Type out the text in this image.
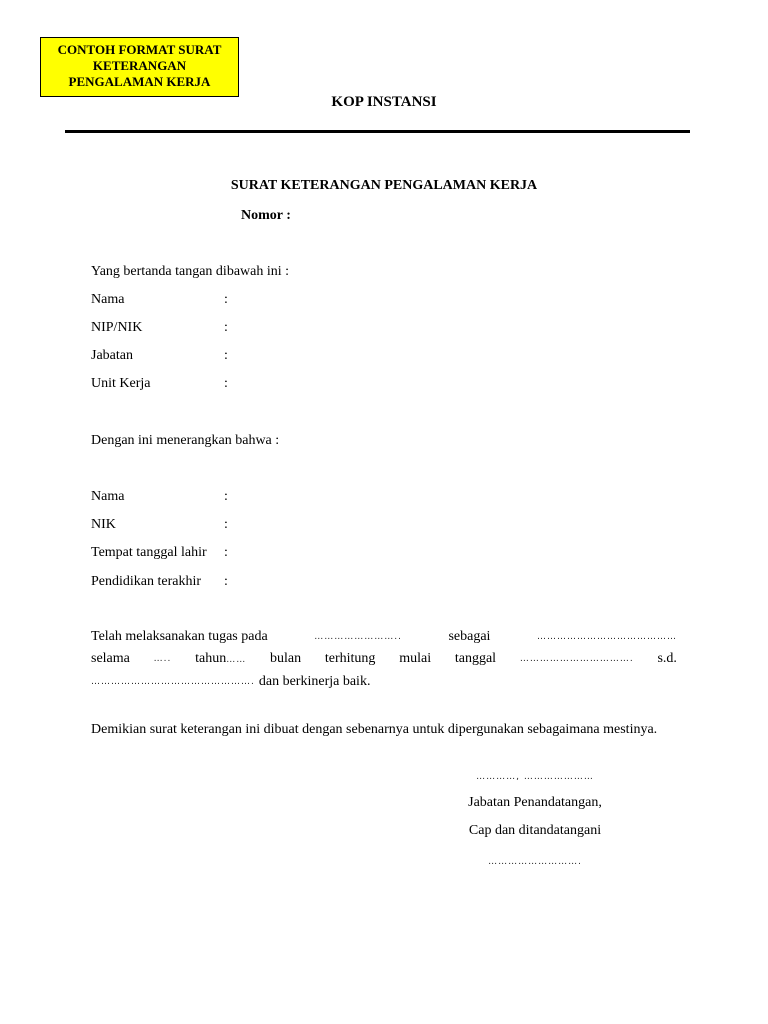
CONTOH FORMAT SURAT
KETERANGAN
PENGALAMAN KERJA
KOP INSTANSI
SURAT KETERANGAN PENGALAMAN KERJA
Nomor :
Yang bertanda tangan dibawah ini :
Nama	:
NIP/NIK	:
Jabatan	:
Unit Kerja	:
Dengan ini menerangkan bahwa :
Nama	:
NIK	:
Tempat tanggal lahir :
Pendidikan terakhir :
Telah melaksanakan tugas pada	……………………..	sebagai	……………………………………
selama	….. tahun…… bulan terhitung mulai tanggal	……………………………. s.d.
…………………………………………. dan berkinerja baik.
Demikian surat keterangan ini dibuat dengan sebenarnya untuk dipergunakan sebagaimana mestinya.
…………, …………………
Jabatan Penandatangan,
Cap dan ditandatangani
……………………….
